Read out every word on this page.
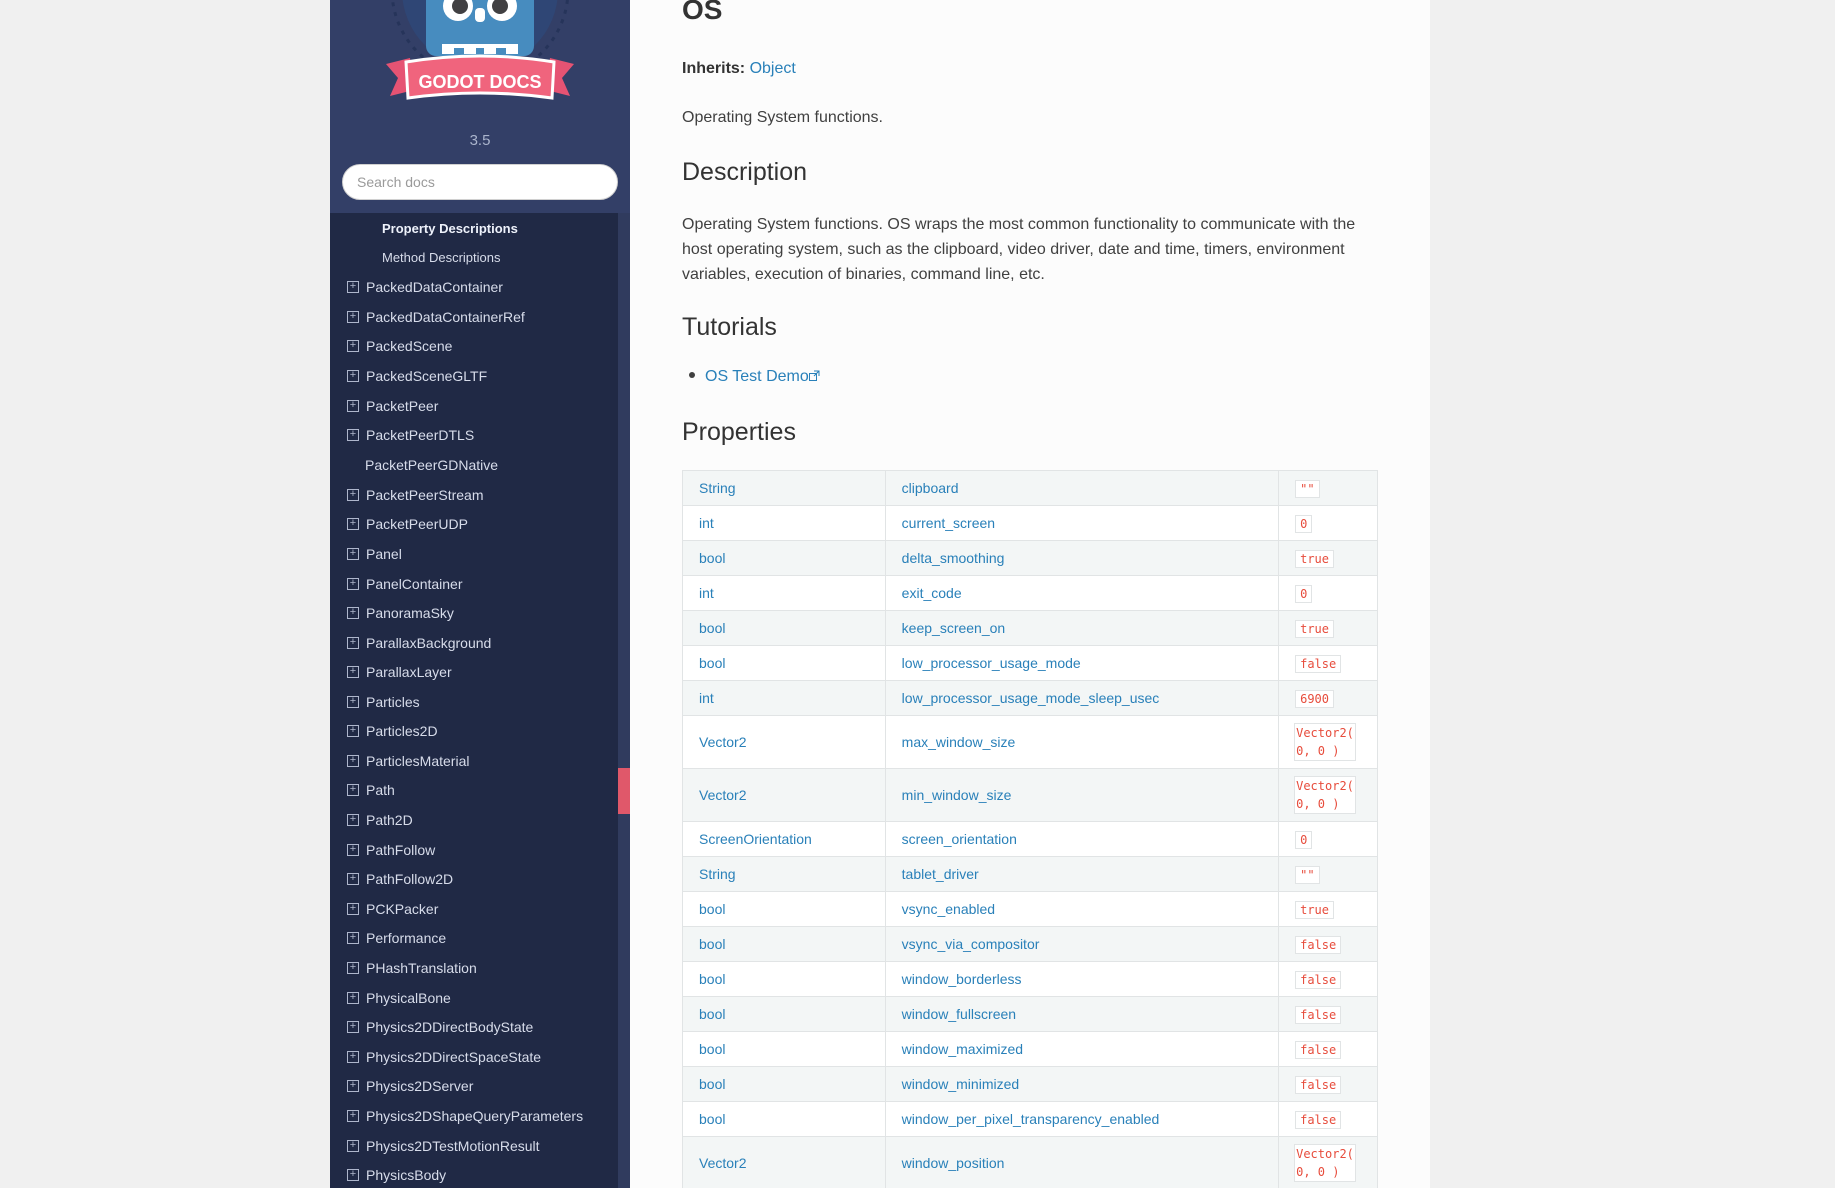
GODOT DOCS
3.5
Search docs
Property Descriptions
Method Descriptions
+ PackedDataContainer
+ PackedDataContainerRef
+ PackedScene
+ PackedSceneGLTF
+ PacketPeer
+ PacketPeerDTLS
PacketPeerGDNative
+ PacketPeerStream
+ PacketPeerUDP
+ Panel
+ PanelContainer
+ PanoramaSky
+ ParallaxBackground
+ ParallaxLayer
+ Particles
+ Particles2D
+ ParticlesMaterial
+ Path
+ Path2D
+ PathFollow
+ PathFollow2D
+ PCKPacker
+ Performance
+ PHashTranslation
+ PhysicalBone
+ Physics2DDirectBodyState
+ Physics2DDirectSpaceState
+ Physics2DServer
+ Physics2DShapeQueryParameters
+ Physics2DTestMotionResult
+ PhysicsBody
OS
Inherits: Object
Operating System functions.
Description
Operating System functions. OS wraps the most common functionality to communicate with the host operating system, such as the clipboard, video driver, date and time, timers, environment variables, execution of binaries, command line, etc.
Tutorials
OS Test Demo
Properties
String	clipboard	""
int	current_screen	0
bool	delta_smoothing	true
int	exit_code	0
bool	keep_screen_on	true
bool	low_processor_usage_mode	false
int	low_processor_usage_mode_sleep_usec	6900
Vector2	max_window_size	Vector2(
0, 0 )
Vector2	min_window_size	Vector2(
0, 0 )
ScreenOrientation	screen_orientation	0
String	tablet_driver	""
bool	vsync_enabled	true
bool	vsync_via_compositor	false
bool	window_borderless	false
bool	window_fullscreen	false
bool	window_maximized	false
bool	window_minimized	false
bool	window_per_pixel_transparency_enabled	false
Vector2	window_position	Vector2(
0, 0 )
